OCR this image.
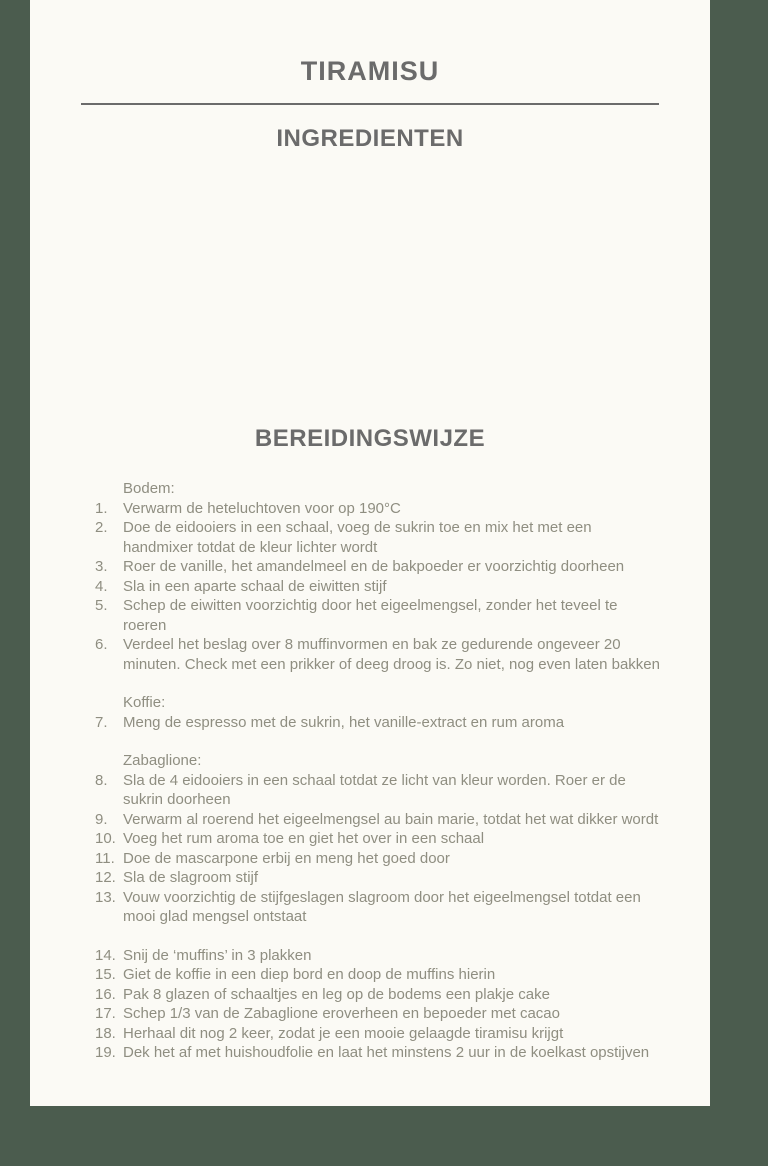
TIRAMISU
INGREDIENTEN
BEREIDINGSWIJZE
Bodem:
1.	Verwarm de heteluchtoven voor op 190°C
2.	Doe de eidooiers in een schaal, voeg de sukrin toe en mix het met een handmixer totdat de kleur lichter wordt
3.	Roer de vanille, het amandelmeel en de bakpoeder er voorzichtig doorheen
4.	Sla in een aparte schaal de eiwitten stijf
5.	Schep de eiwitten voorzichtig door het eigeelmengsel, zonder het teveel te roeren
6.	Verdeel het beslag over 8 muffinvormen en bak ze gedurende ongeveer 20 minuten. Check met een prikker of deeg droog is. Zo niet, nog even laten bakken
Koffie:
7.	Meng de espresso met de sukrin, het vanille-extract en rum aroma
Zabaglione:
8.	Sla de 4 eidooiers in een schaal totdat ze licht van kleur worden. Roer er de sukrin doorheen
9.	Verwarm al roerend het eigeelmengsel au bain marie, totdat het wat dikker wordt
10. Voeg het rum aroma toe en giet het over in een schaal
11. Doe de mascarpone erbij en meng het goed door
12. Sla de slagroom stijf
13. Vouw voorzichtig de stijfgeslagen slagroom door het eigeelmengsel totdat een mooi glad mengsel ontstaat
14. Snij de ‘muffins’ in 3 plakken
15. Giet de koffie in een diep bord en doop de muffins hierin
16. Pak 8 glazen of schaaltjes en leg op de bodems een plakje cake
17. Schep 1/3 van de Zabaglione eroverheen en bepoeder met cacao
18. Herhaal dit nog 2 keer, zodat je een mooie gelaagde tiramisu krijgt
19. Dek het af met huishoudfolie en laat het minstens 2 uur in de koelkast opstijven
